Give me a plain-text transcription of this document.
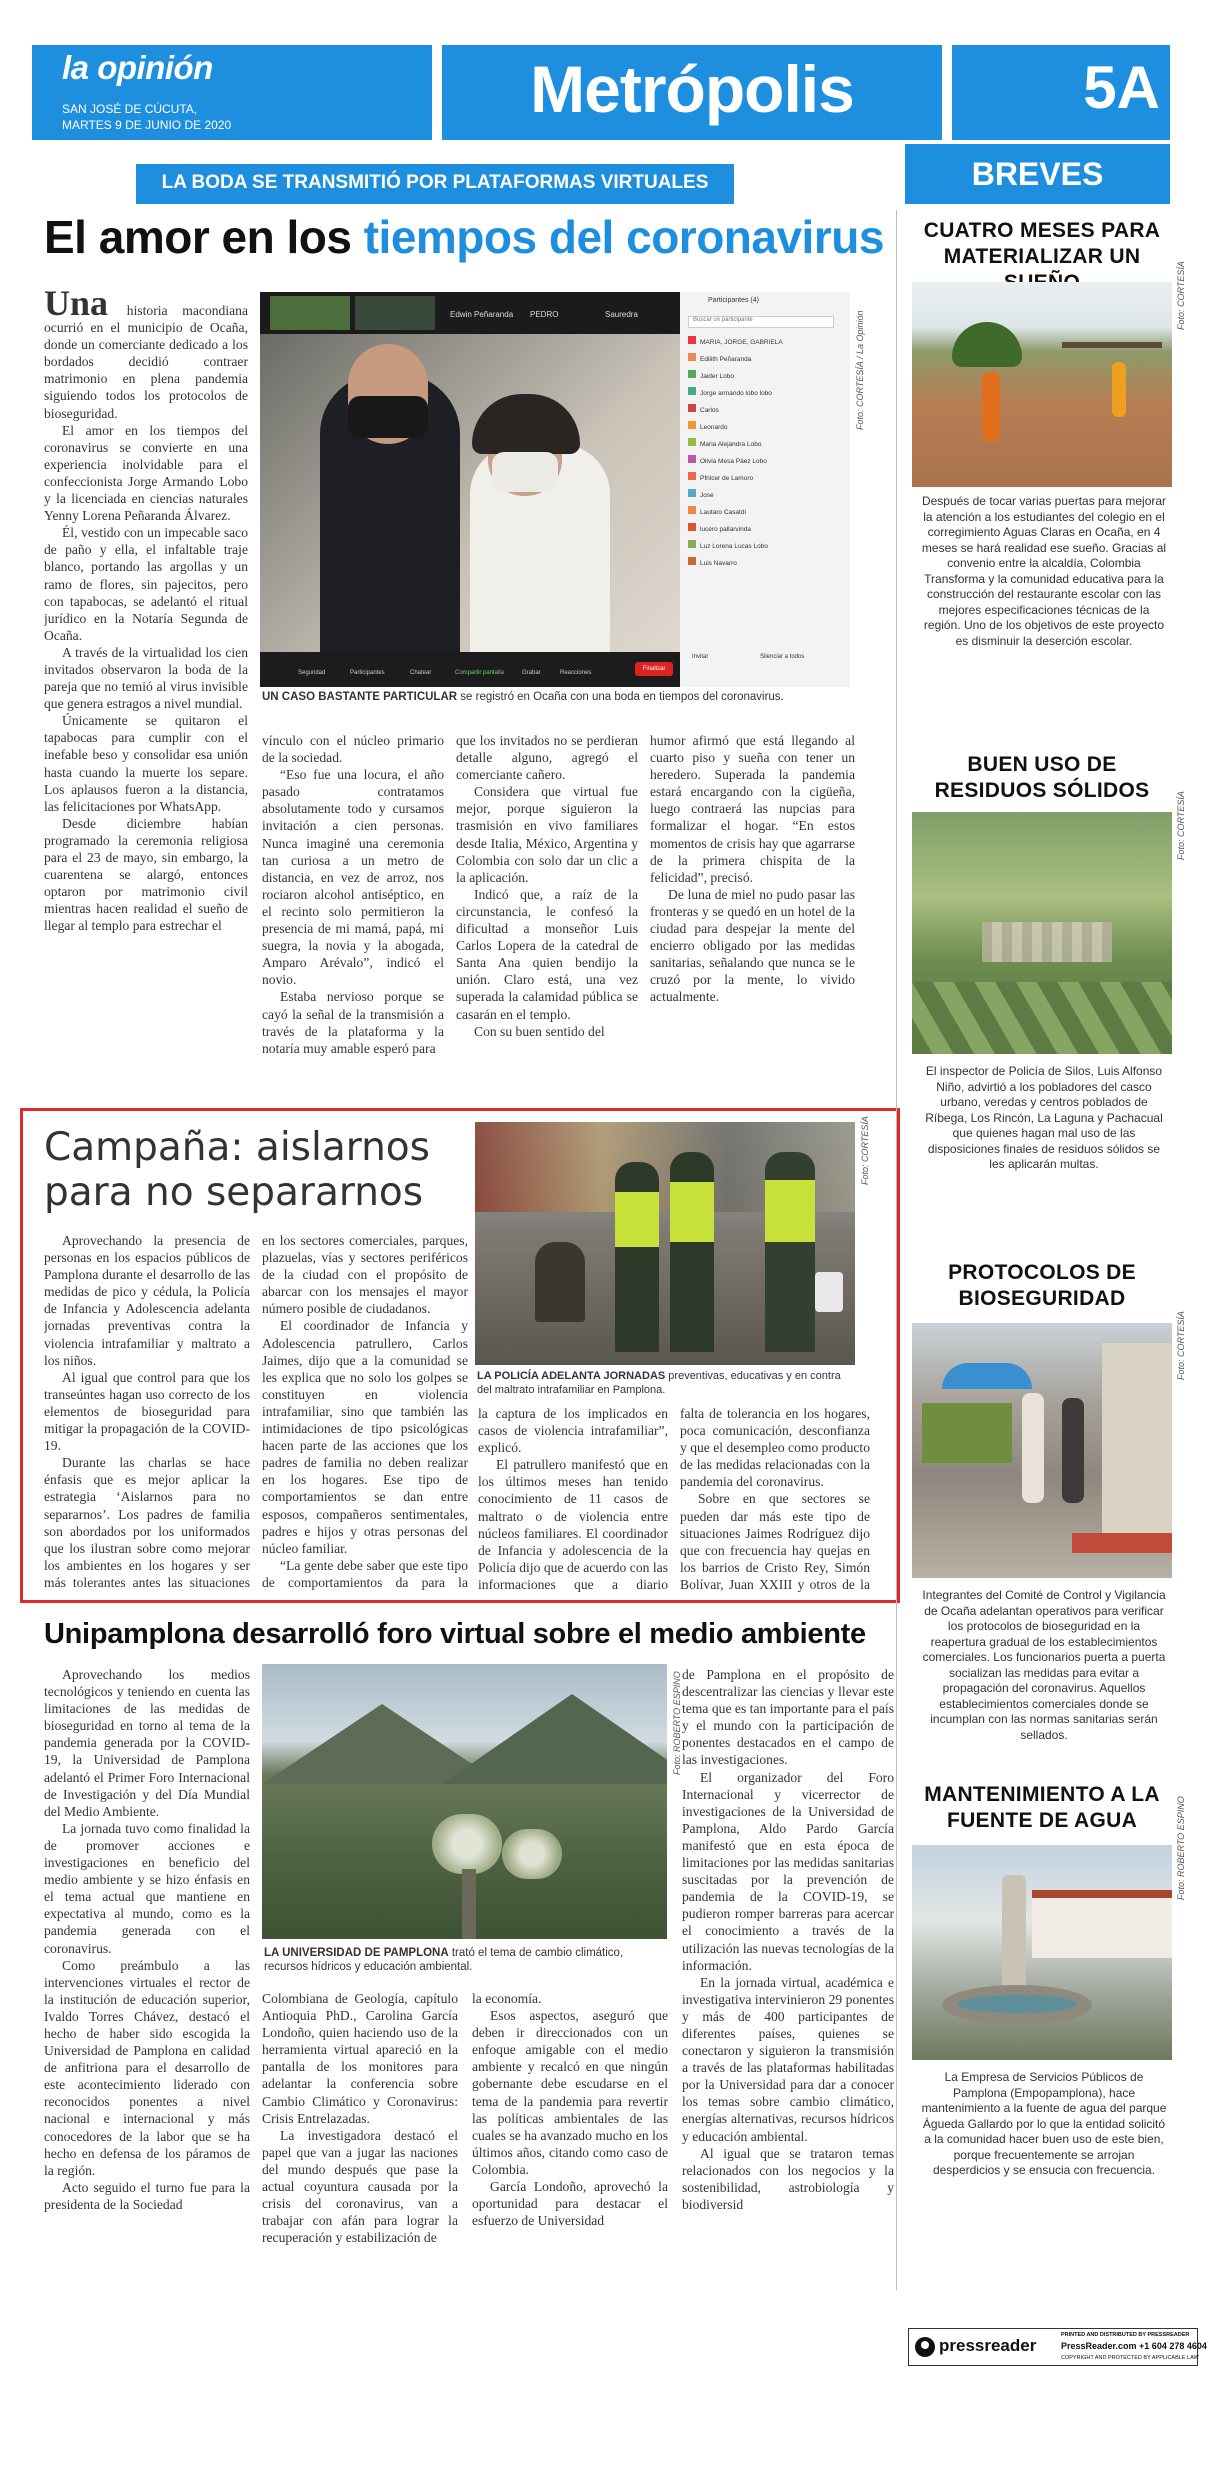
la opinión
SAN JOSÉ DE CÚCUTA,
MARTES 9 DE JUNIO DE 2020	Metrópolis	5A
BREVES
LA BODA SE TRANSMITIÓ POR PLATAFORMAS VIRTUALES
El amor en los tiempos del coronavirus

Una historia macondiana ocurrió en el municipio de Ocaña, donde un comerciante dedicado a los bordados decidió contraer matrimonio en plena pandemia siguiendo todos los protocolos de bioseguridad.

El amor en los tiempos del coronavirus se convierte en una experiencia inolvidable para el confeccionista Jorge Armando Lobo y la licenciada en ciencias naturales Yenny Lorena Peñaranda Álvarez.

Él, vestido con un impecable saco de paño y ella, el infaltable traje blanco, portando las argollas y un ramo de flores, sin pajecitos, pero con tapabocas, se adelantó el ritual jurídico en la Notaría Segunda de Ocaña.

A través de la virtualidad los cien invitados observaron la boda de la pareja que no temió al virus invisible que genera estragos a nivel mundial.

Únicamente se quitaron el tapabocas para cumplir con el inefable beso y consolidar esa unión hasta cuando la muerte los separe. Los aplausos fueron a la distancia, las felicitaciones por WhatsApp.

Desde diciembre habían programado la ceremonia religiosa para el 23 de mayo, sin embargo, la cuarentena se alargó, entonces optaron por matrimonio civil mientras hacen realidad el sueño de llegar al templo para estrechar el

Edwin Peñaranda PEDRO	Sauredra
Participantes (4)
Buscar un participante
MARIA, JORGE, GABRIELA
Edilith Peñaranda
Jaider Lobo
Jorge armando lobo lobo
Carlos
Leonardo
Maria Alejandra Lobo
Olivia Mesa Páez Lobo
Pfrilcer de Lamoro
Jose
Lautaro Casatdi
lucero pallarvinda
Luz Lorena Lucas Lobo
Luis Navarro
Invitar	Silenciar a todos
Seguridad	Participantes	Chatear	Compartir pantalla	Grabar	Reacciones
Finalizar
Foto: CORTESÍA / La Opinión
UN CASO BASTANTE PARTICULAR se registró en Ocaña con una boda en tiempos del coronavirus.

vínculo con el núcleo primario de la sociedad.

“Eso fue una locura, el año pasado contratamos absolutamente todo y cursamos invitación a cien personas. Nunca imaginé una ceremonia tan curiosa a un metro de distancia, en vez de arroz, nos rociaron alcohol antiséptico, en el recinto solo permitieron la presencia de mi mamá, papá, mi suegra, la novia y la abogada, Amparo Arévalo”, indicó el novio.

Estaba nervioso porque se cayó la señal de la transmisión a través de la plataforma y la notaría muy amable esperó para

que los invitados no se perdieran detalle alguno, agregó el comerciante cañero.

Considera que virtual fue mejor, porque siguieron la trasmisión en vivo familiares desde Italia, México, Argentina y Colombia con solo dar un clic a la aplicación.

Indicó que, a raíz de la circunstancia, le confesó la dificultad a monseñor Luis Carlos Lopera de la catedral de Santa Ana quien bendijo la unión. Claro está, una vez superada la calamidad pública se casarán en el templo.

Con su buen sentido del

humor afirmó que está llegando al cuarto piso y sueña con tener un heredero. Superada la pandemia estará encargando con la cigüeña, luego contraerá las nupcias para formalizar el hogar. “En estos momentos de crisis hay que agarrarse de la primera chispita de la felicidad”, precisó.

De luna de miel no pudo pasar las fronteras y se quedó en un hotel de la ciudad para despejar la mente del encierro obligado por las medidas sanitarias, señalando que nunca se le cruzó por la mente, lo vivido actualmente.

Campaña: aislarnos
para no separarnos
Foto: CORTESÍA
LA POLICÍA ADELANTA JORNADAS preventivas, educativas y en contra del maltrato intrafamiliar en Pamplona.

Aprovechando la presencia de personas en los espacios públicos de Pamplona durante el desarrollo de las medidas de pico y cédula, la Policía de Infancia y Adolescencia adelanta jornadas preventivas contra la violencia intrafamiliar y maltrato a los niños.

Al igual que control para que los transeúntes hagan uso correcto de los elementos de bioseguridad para mitigar la propagación de la COVID-19.

Durante las charlas se hace énfasis que es mejor aplicar la estrategia ‘Aislarnos para no separarnos’. Los padres de familia son abordados por los uniformados que los ilustran sobre como mejorar los ambientes en los hogares y ser más tolerantes antes las situaciones

en los sectores comerciales, parques, plazuelas, vías y sectores periféricos de la ciudad con el propósito de abarcar con los mensajes el mayor número posible de ciudadanos.

El coordinador de Infancia y Adolescencia patrullero, Carlos Jaimes, dijo que a la comunidad se les explica que no solo los golpes se constituyen en violencia intrafamiliar, sino que también las intimidaciones de tipo psicológicas hacen parte de las acciones que los padres de familia no deben realizar en los hogares. Ese tipo de comportamientos se dan entre esposos, compañeros sentimentales, padres e hijos y otras personas del núcleo familiar.

“La gente debe saber que este tipo de comportamientos da para la

la captura de los implicados en casos de violencia intrafamiliar”, explicó.

El patrullero manifestó que en los últimos meses han tenido conocimiento de 11 casos de maltrato o de violencia entre núcleos familiares. El coordinador de Infancia y adolescencia de la Policía dijo que de acuerdo con las informaciones que a diario

falta de tolerancia en los hogares, poca comunicación, desconfianza y que el desempleo como producto de las medidas relacionadas con la pandemia del coronavirus.

Sobre en que sectores se pueden dar más este tipo de situaciones Jaimes Rodríguez dijo que con frecuencia hay quejas en los barrios de Cristo Rey, Simón Bolívar, Juan XXIII y otros de la

Unipamplona desarrolló foro virtual sobre el medio ambiente

Aprovechando los medios tecnológicos y teniendo en cuenta las limitaciones de las medidas de bioseguridad en torno al tema de la pandemia generada por la COVID-19, la Universidad de Pamplona adelantó el Primer Foro Internacional de Investigación y del Día Mundial del Medio Ambiente.

La jornada tuvo como finalidad la de promover acciones e investigaciones en beneficio del medio ambiente y se hizo énfasis en el tema actual que mantiene en expectativa al mundo, como es la pandemia generada con el coronavirus.

Como preámbulo a las intervenciones virtuales el rector de la institución de educación superior, Ivaldo Torres Chávez, destacó el hecho de haber sido escogida la Universidad de Pamplona en calidad de anfitriona para el desarrollo de este acontecimiento liderado con reconocidos ponentes a nivel nacional e internacional y más conocedores de la labor que se ha hecho en defensa de los páramos de la región.

Acto seguido el turno fue para la presidenta de la Sociedad

Foto: ROBERTO ESPINO
LA UNIVERSIDAD DE PAMPLONA trató el tema de cambio climático, recursos hídricos y educación ambiental.

Colombiana de Geología, capítulo Antioquia PhD., Carolina García Londoño, quien haciendo uso de la herramienta virtual apareció en la pantalla de los monitores para adelantar la conferencia sobre Cambio Climático y Coronavirus: Crisis Entrelazadas.

La investigadora destacó el papel que van a jugar las naciones del mundo después que pase la actual coyuntura causada por la crisis del coronavirus, van a trabajar con afán para lograr la recuperación y estabilización de

la economía.

Esos aspectos, aseguró que deben ir direccionados con un enfoque amigable con el medio ambiente y recalcó en que ningún gobernante debe escudarse en el tema de la pandemia para revertir las políticas ambientales de las cuales se ha avanzado mucho en los últimos años, citando como caso de Colombia.

García Londoño, aprovechó la oportunidad para destacar el esfuerzo de Universidad

de Pamplona en el propósito de descentralizar las ciencias y llevar este tema que es tan importante para el país y el mundo con la participación de ponentes destacados en el campo de las investigaciones.

El organizador del Foro Internacional y vicerrector de investigaciones de la Universidad de Pamplona, Aldo Pardo García manifestó que en esta época de limitaciones por las medidas sanitarias suscitadas por la prevención de pandemia de la COVID-19, se pudieron romper barreras para acercar el conocimiento a través de la utilización las nuevas tecnologías de la información.

En la jornada virtual, académica e investigativa intervinieron 29 ponentes y más de 400 participantes de diferentes países, quienes se conectaron y siguieron la transmisión a través de las plataformas habilitadas por la Universidad para dar a conocer los temas sobre cambio climático, energías alternativas, recursos hídricos y educación ambiental.

Al igual que se trataron temas relacionados con los negocios y la sostenibilidad, astrobiología y biodiversid

CUATRO MESES PARA MATERIALIZAR UN
Foto: CORTESÍA
Después de tocar varias puertas para mejorar la atención a los estudiantes del colegio en el corregimiento Aguas Claras en Ocaña, en 4 meses se hará realidad ese sueño. Gracias al convenio entre la alcaldía, Colombia Transforma y la comunidad educativa para la construcción del restaurante escolar con las mejores especificaciones técnicas de la región. Uno de los objetivos de este proyecto es disminuir la deserción escolar.
BUEN USO DE RESIDUOS SÓLIDOS
Foto: CORTESÍA
El inspector de Policía de Silos, Luis Alfonso Niño, advirtió a los pobladores del casco urbano, veredas y centros poblados de Ríbega, Los Rincón, La Laguna y Pachacual que quienes hagan mal uso de las disposiciones finales de residuos sólidos se les aplicarán multas.
PROTOCOLOS DE BIOSEGURIDAD
Foto: CORTESÍA
Integrantes del Comité de Control y Vigilancia de Ocaña adelantan operativos para verificar los protocolos de bioseguridad en la reapertura gradual de los establecimientos comerciales. Los funcionarios puerta a puerta socializan las medidas para evitar a propagación del coronavirus. Aquellos establecimientos comerciales donde se incumplan con las normas sanitarias serán sellados.
MANTENIMIENTO A LA FUENTE DE AGUA	Foto: ROBERTO ESPINO
La Empresa de Servicios Públicos de Pamplona (Empopamplona), hace mantenimiento a la fuente de agua del parque Águeda Gallardo por lo que la entidad solicitó a la comunidad hacer buen uso de este bien, porque frecuentemente se arrojan desperdicios y se ensucia con frecuencia.
pressreader
PRINTED AND DISTRIBUTED BY PRESSREADER
PressReader.com +1 604 278 4604
COPYRIGHT AND PROTECTED BY APPLICABLE LAW
